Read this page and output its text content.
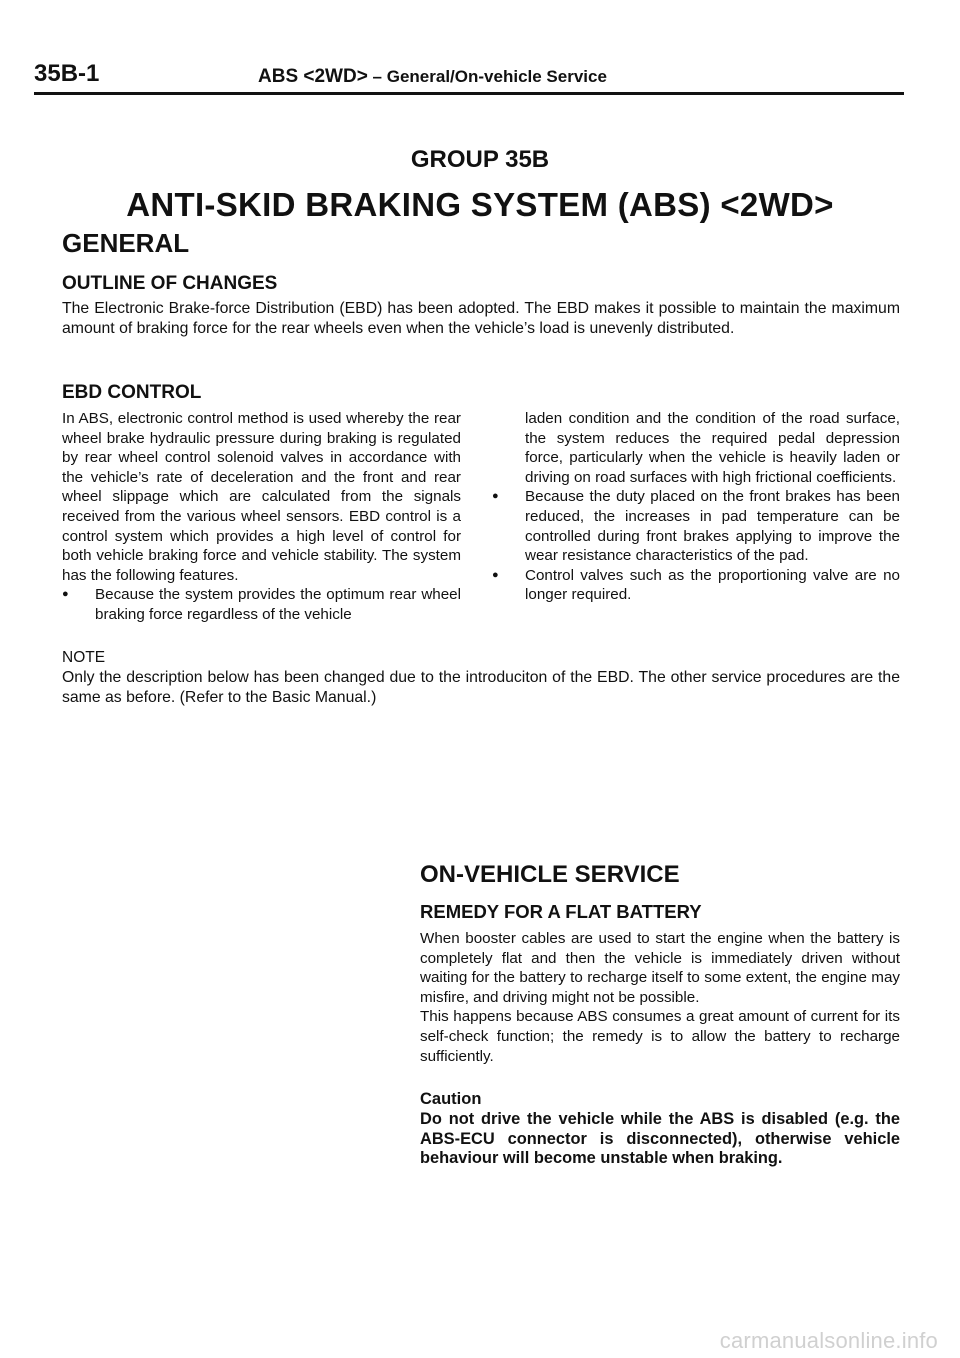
35B-1	ABS <2WD> – General/On-vehicle Service
GROUP 35B
ANTI-SKID BRAKING SYSTEM (ABS) <2WD>
GENERAL
OUTLINE OF CHANGES
The Electronic Brake-force Distribution (EBD) has been adopted. The EBD makes it possible to maintain the maximum amount of braking force for the rear wheels even when the vehicle’s load is unevenly distributed.
EBD CONTROL

In ABS, electronic control method is used whereby the rear wheel brake hydraulic pressure during braking is regulated by rear wheel control solenoid valves in accordance with the vehicle’s rate of deceleration and the front and rear wheel slippage which are calculated from the signals received from the various wheel sensors. EBD control is a control system which provides a high level of control for both vehicle braking force and vehicle stability. The system has the following features.

● Because the system provides the optimum rear wheel braking force regardless of the vehicle

laden condition and the condition of the road surface, the system reduces the required pedal depression force, particularly when the vehicle is heavily laden or driving on road surfaces with high frictional coefficients.

● Because the duty placed on the front brakes has been reduced, the increases in pad temperature can be controlled during front brakes applying to improve the wear resistance characteristics of the pad.
● Control valves such as the proportioning valve are no longer required.
NOTE
Only the description below has been changed due to the introduciton of the EBD. The other service procedures are the same as before. (Refer to the Basic Manual.)
ON-VEHICLE SERVICE
REMEDY FOR A FLAT BATTERY

When booster cables are used to start the engine when the battery is completely flat and then the vehicle is immediately driven without waiting for the battery to recharge itself to some extent, the engine may misfire, and driving might not be possible.

This happens because ABS consumes a great amount of current for its self-check function; the remedy is to allow the battery to recharge sufficiently.

Caution
Do not drive the vehicle while the ABS is disabled (e.g. the ABS-ECU connector is disconnected), otherwise vehicle behaviour will become unstable when braking.
carmanualsonline.info
